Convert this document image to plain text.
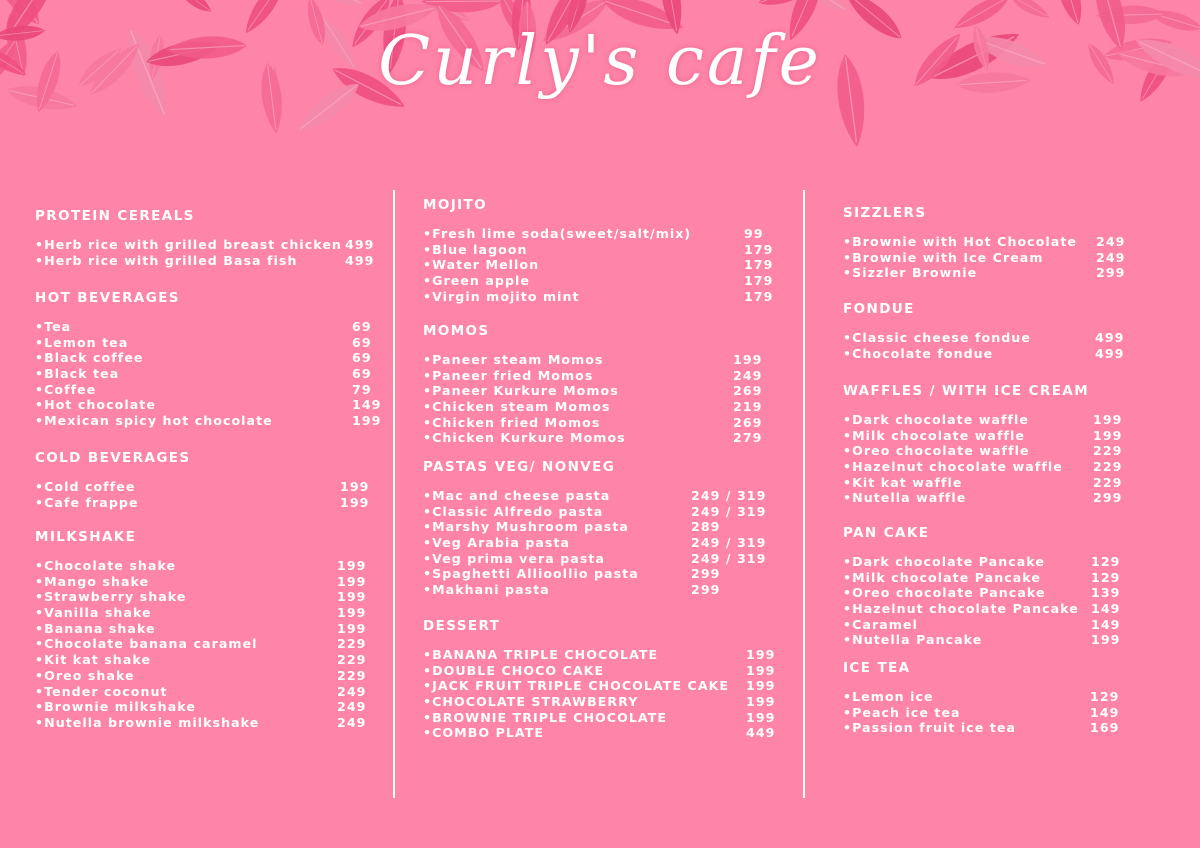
Curly's cafe
PROTEIN CEREALS
•Herb rice with grilled breast chicken 499
•Herb rice with grilled Basa fish	499
HOT BEVERAGES
•Tea	69
•Lemon tea	69
•Black coffee	69
•Black tea	69
•Coffee	79
•Hot chocolate	149
•Mexican spicy hot chocolate	199
COLD BEVERAGES
•Cold coffee	199
•Cafe frappe	199
MILKSHAKE
•Chocolate shake	199
•Mango shake	199
•Strawberry shake	199
•Vanilla shake	199
•Banana shake	199
•Chocolate banana caramel	229
•Kit kat shake	229
•Oreo shake	229
•Tender coconut	249
•Brownie milkshake	249
•Nutella brownie milkshake	249
MOJITO
•Fresh lime soda(sweet/salt/mix)	99
•Blue lagoon	179
•Water Mellon	179
•Green apple	179
•Virgin mojito mint	179
MOMOS
•Paneer steam Momos	199
•Paneer fried Momos	249
•Paneer Kurkure Momos	269
•Chicken steam Momos	219
•Chicken fried Momos	269
•Chicken Kurkure Momos	279
PASTAS VEG/ NONVEG
•Mac and cheese pasta	249 / 319
•Classic Alfredo pasta	249 / 319
•Marshy Mushroom pasta	289
•Veg Arabia pasta	249 / 319
•Veg prima vera pasta	249 / 319
•Spaghetti Allioollio pasta	299
•Makhani pasta	299
DESSERT
•BANANA TRIPLE CHOCOLATE	199
•DOUBLE CHOCO CAKE	199
•JACK FRUIT TRIPLE CHOCOLATE CAKE 199
•CHOCOLATE STRAWBERRY	199
•BROWNIE TRIPLE CHOCOLATE	199
•COMBO PLATE	449
SIZZLERS
•Brownie with Hot Chocolate 249
•Brownie with Ice Cream	249
•Sizzler Brownie	299
FONDUE
•Classic cheese fondue	499
•Chocolate fondue	499
WAFFLES / WITH ICE CREAM
•Dark chocolate waffle	199
•Milk chocolate waffle	199
•Oreo chocolate waffle	229
•Hazelnut chocolate waffle 229
•Kit kat waffle	229
•Nutella waffle	299
PAN CAKE
•Dark chocolate Pancake	129
•Milk chocolate Pancake	129
•Oreo chocolate Pancake	139
•Hazelnut chocolate Pancake 149
•Caramel	149
•Nutella Pancake	199
ICE TEA
•Lemon ice	129
•Peach ice tea	149
•Passion fruit ice tea	169
